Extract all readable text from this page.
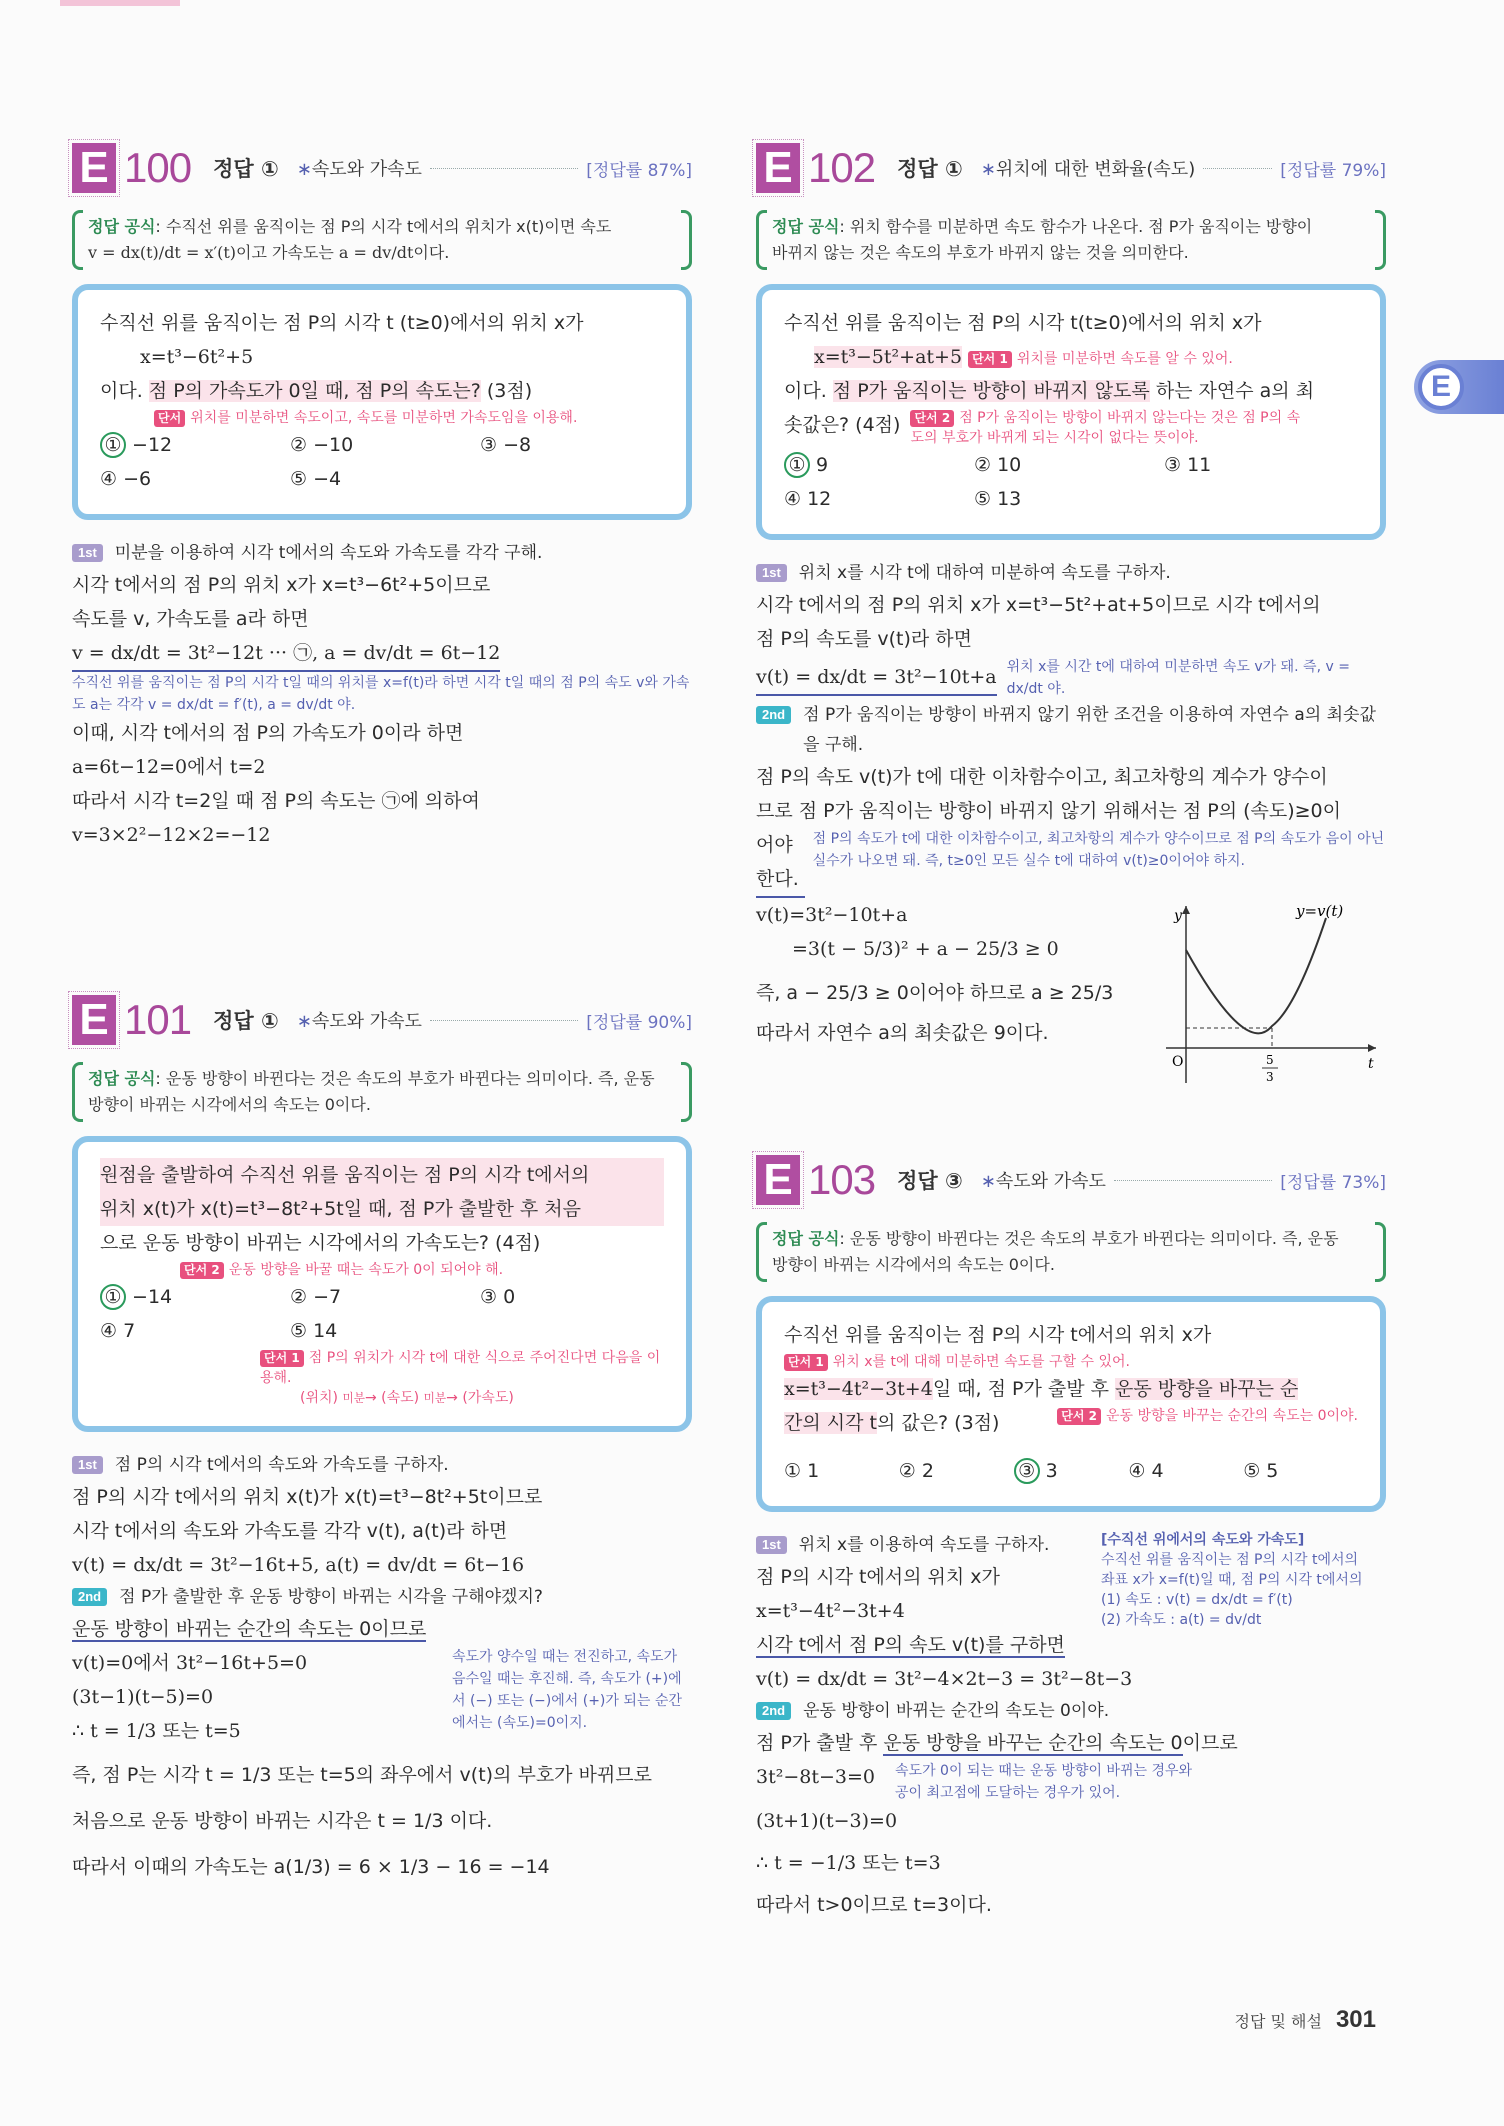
E 100 정답 ① ∗속도와 가속도	[정답률 87%]
정답 공식: 수직선 위를 움직이는 점 P의 시각 t에서의 위치가 x(t)이면 속도
v = dx(t)/dt = x′(t)이고 가속도는 a = dv/dt이다.
수직선 위를 움직이는 점 P의 시각 t (t≥0)에서의 위치 x가
x=t³−6t²+5
이다. 점 P의 가속도가 0일 때, 점 P의 속도는? (3점)
단서 위치를 미분하면 속도이고, 속도를 미분하면 가속도임을 이용해.
① −12	② −10	③ −8
④ −6	⑤ −4
1st	미분을 이용하여 시각 t에서의 속도와 가속도를 각각 구해.
시각 t에서의 점 P의 위치 x가 x=t³−6t²+5이므로
속도를 v, 가속도를 a라 하면
v = dx/dt = 3t²−12t ··· ㉠, a = dv/dt = 6t−12
수직선 위를 움직이는 점 P의 시각 t일 때의 위치를 x=f(t)라 하면 시각 t일 때의 점 P의 속도 v와 가속도 a는 각각 v = dx/dt = f′(t), a = dv/dt 야.
이때, 시각 t에서의 점 P의 가속도가 0이라 하면
a=6t−12=0에서 t=2
따라서 시각 t=2일 때 점 P의 속도는 ㉠에 의하여
v=3×2²−12×2=−12
E 101 정답 ① ∗속도와 가속도	[정답률 90%]
정답 공식: 운동 방향이 바뀐다는 것은 속도의 부호가 바뀐다는 의미이다. 즉, 운동
방향이 바뀌는 시각에서의 속도는 0이다.
원점을 출발하여 수직선 위를 움직이는 점 P의 시각 t에서의
위치 x(t)가 x(t)=t³−8t²+5t일 때, 점 P가 출발한 후 처음
으로 운동 방향이 바뀌는 시각에서의 가속도는? (4점)
단서 2 운동 방향을 바꿀 때는 속도가 0이 되어야 해.
① −14	② −7	③ 0
④ 7	⑤ 14
단서 1 점 P의 위치가 시각 t에 대한 식으로 주어진다면 다음을 이용해.
(위치) 미분→ (속도) 미분→ (가속도)
1st	점 P의 시각 t에서의 속도와 가속도를 구하자.
점 P의 시각 t에서의 위치 x(t)가 x(t)=t³−8t²+5t이므로
시각 t에서의 속도와 가속도를 각각 v(t), a(t)라 하면
v(t) = dx/dt = 3t²−16t+5, a(t) = dv/dt = 6t−16
2nd	점 P가 출발한 후 운동 방향이 바뀌는 시각을 구해야겠지?
운동 방향이 바뀌는 순간의 속도는 0이므로
v(t)=0에서 3t²−16t+5=0
(3t−1)(t−5)=0
∴ t = 1/3 또는 t=5
속도가 양수일 때는 전진하고, 속도가 음수일 때는 후진해. 즉, 속도가 (+)에서 (−) 또는 (−)에서 (+)가 되는 순간에서는 (속도)=0이지.
즉, 점 P는 시각 t = 1/3 또는 t=5의 좌우에서 v(t)의 부호가 바뀌므로
처음으로 운동 방향이 바뀌는 시각은 t = 1/3 이다.
따라서 이때의 가속도는 a(1/3) = 6 × 1/3 − 16 = −14
E 102 정답 ① ∗위치에 대한 변화율(속도)	[정답률 79%]
정답 공식: 위치 함수를 미분하면 속도 함수가 나온다. 점 P가 움직이는 방향이
바뀌지 않는 것은 속도의 부호가 바뀌지 않는 것을 의미한다.
수직선 위를 움직이는 점 P의 시각 t(t≥0)에서의 위치 x가
x=t³−5t²+at+5 단서 1 위치를 미분하면 속도를 알 수 있어.
이다. 점 P가 움직이는 방향이 바뀌지 않도록 하는 자연수 a의 최
솟값은? (4점)	단서 2 점 P가 움직이는 방향이 바뀌지 않는다는 것은 점 P의 속도의 부호가 바뀌게 되는 시각이 없다는 뜻이야.
① 9	② 10	③ 11
④ 12	⑤ 13
1st	위치 x를 시각 t에 대하여 미분하여 속도를 구하자.
시각 t에서의 점 P의 위치 x가 x=t³−5t²+at+5이므로 시각 t에서의
점 P의 속도를 v(t)라 하면
v(t) = dx/dt = 3t²−10t+a 위치 x를 시간 t에 대하여 미분하면 속도 v가 돼. 즉, v = dx/dt 야.
2nd	점 P가 움직이는 방향이 바뀌지 않기 위한 조건을 이용하여 자연수 a의 최솟값을 구해.
점 P의 속도 v(t)가 t에 대한 이차함수이고, 최고차항의 계수가 양수이
므로 점 P가 움직이는 방향이 바뀌지 않기 위해서는 점 P의 (속도)≥0이
어야 한다.
점 P의 속도가 t에 대한 이차함수이고, 최고차항의 계수가 양수이므로 점 P의 속도가 음이 아닌 실수가 나오면 돼. 즉, t≥0인 모든 실수 t에 대하여 v(t)≥0이어야 하지.
v(t)=3t²−10t+a
=3(t − 5/3)² + a − 25/3 ≥ 0
즉, a − 25/3 ≥ 0이어야 하므로 a ≥ 25/3
따라서 자연수 a의 최솟값은 9이다.
y	y=v(t)
O	5
3
t
E 103 정답 ③ ∗속도와 가속도	[정답률 73%]
정답 공식: 운동 방향이 바뀐다는 것은 속도의 부호가 바뀐다는 의미이다. 즉, 운동
방향이 바뀌는 시각에서의 속도는 0이다.
수직선 위를 움직이는 점 P의 시각 t에서의 위치 x가
단서 1 위치 x를 t에 대해 미분하면 속도를 구할 수 있어.
x=t³−4t²−3t+4일 때, 점 P가 출발 후 운동 방향을 바꾸는 순
간의 시각 t의 값은? (3점)	단서 2 운동 방향을 바꾸는 순간의 속도는 0이야.
① 1	② 2	③ 3	④ 4	⑤ 5
1st	위치 x를 이용하여 속도를 구하자.
점 P의 시각 t에서의 위치 x가
x=t³−4t²−3t+4
시각 t에서 점 P의 속도 v(t)를 구하면
[수직선 위에서의 속도와 가속도]
수직선 위를 움직이는 점 P의 시각 t에서의
좌표 x가 x=f(t)일 때, 점 P의 시각 t에서의
(1) 속도 : v(t) = dx/dt = f′(t)
(2) 가속도 : a(t) = dv/dt
v(t) = dx/dt = 3t²−4×2t−3 = 3t²−8t−3
2nd	운동 방향이 바뀌는 순간의 속도는 0이야.
점 P가 출발 후 운동 방향을 바꾸는 순간의 속도는 0이므로
3t²−8t−3=0 속도가 0이 되는 때는 운동 방향이 바뀌는 경우와 공이 최고점에 도달하는 경우가 있어.
(3t+1)(t−3)=0
∴ t = −1/3 또는 t=3
따라서 t>0이므로 t=3이다.
E
정답 및 해설 301
